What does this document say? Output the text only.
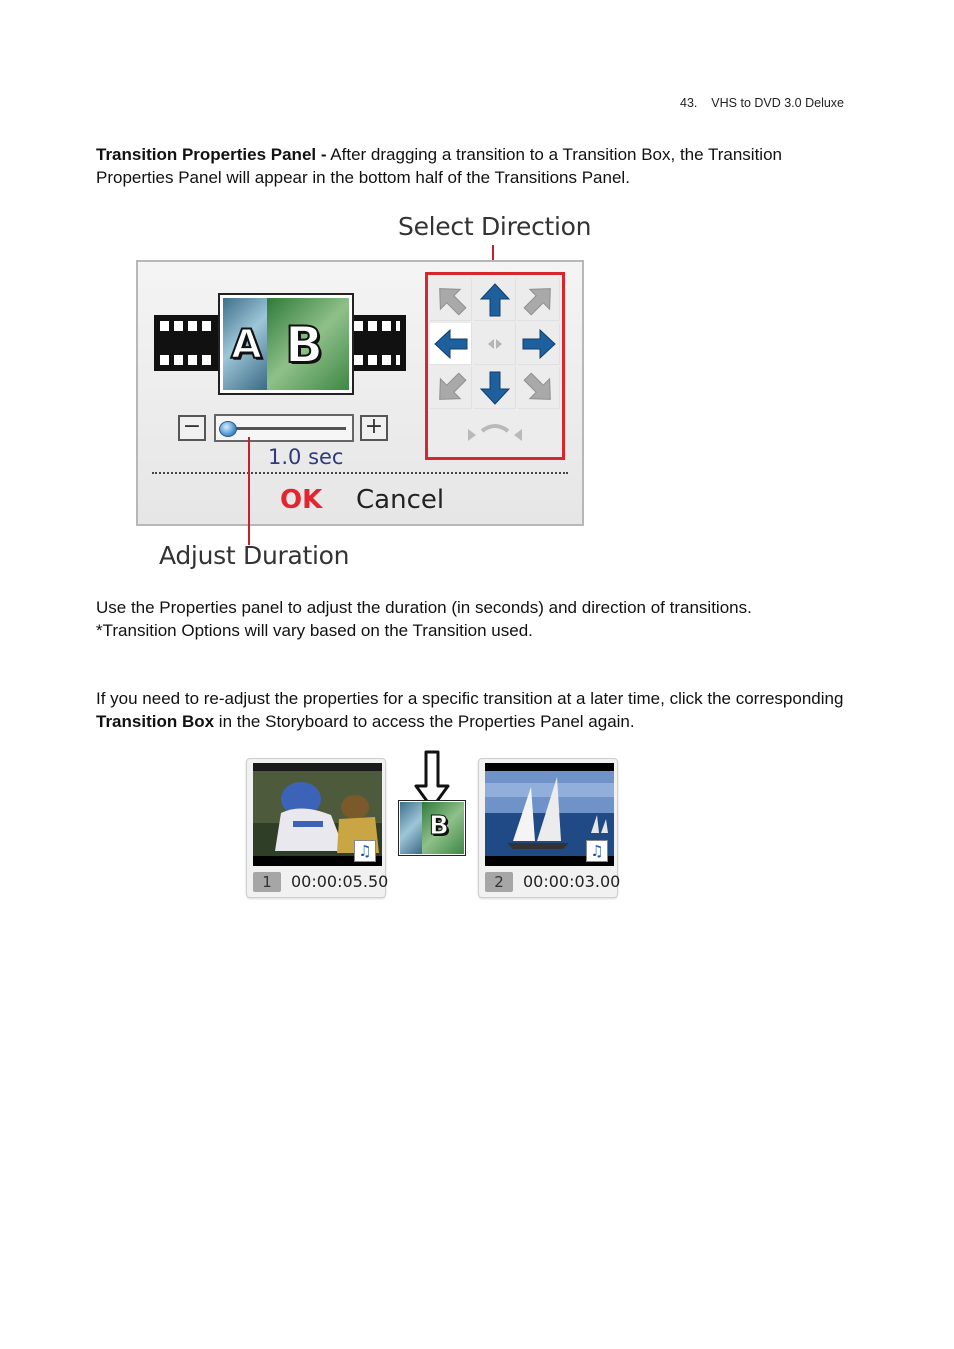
43. VHS to DVD 3.0 Deluxe

Transition Properties Panel - After dragging a transition to a Transition Box, the Transition Properties Panel will appear in the bottom half of the Transitions Panel.

Select Direction
A B
−	+
1.0 sec
OK Cancel
Adjust Duration

Use the Properties panel to adjust the duration (in seconds) and direction of transitions.
*Transition Options will vary based on the Transition used.

If you need to re-adjust the properties for a specific transition at a later time, click the corresponding Transition Box in the Storyboard to access the Properties Panel again.

♫
1	00:00:05.50
B
♫
2	00:00:03.00
